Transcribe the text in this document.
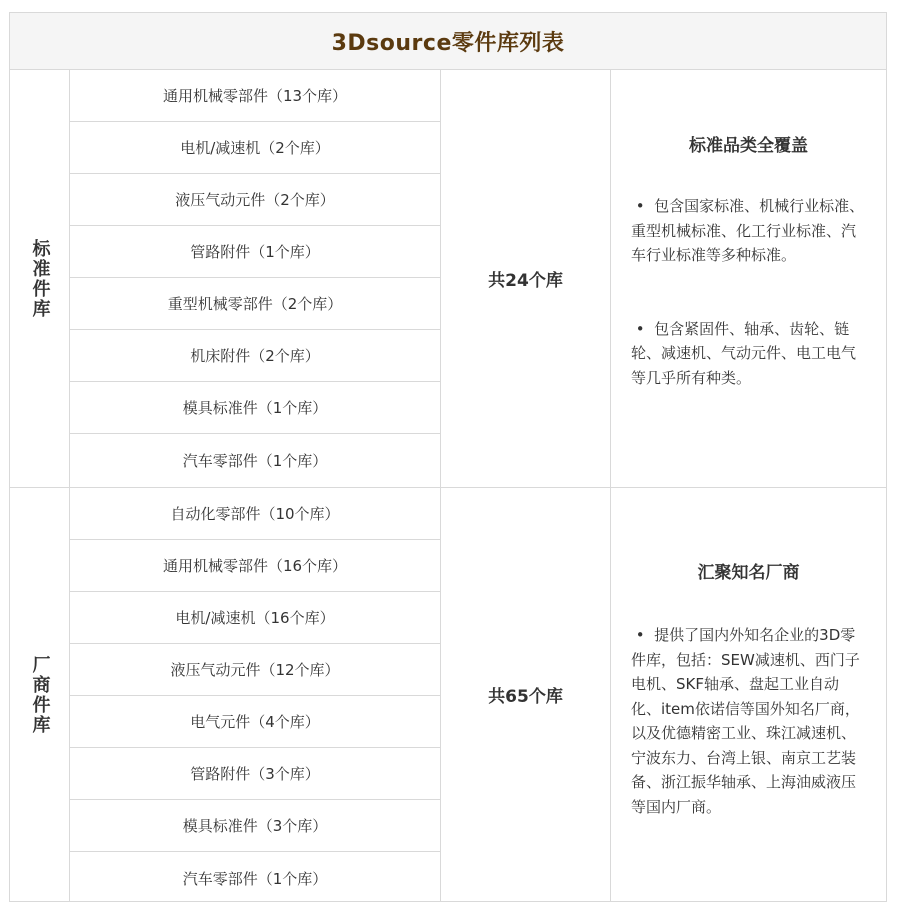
3Dsource零件库列表
标准件库
通用机械零部件（13个库）
电机/减速机（2个库）
液压气动元件（2个库）
管路附件（1个库）
重型机械零部件（2个库）
机床附件（2个库）
模具标准件（1个库）
汽车零部件（1个库）
共24个库
标准品类全覆盖
•  包含国家标准、机械行业标准、重型机械标准、化工行业标准、汽车行业标准等多种标准。
•  包含紧固件、轴承、齿轮、链轮、减速机、气动元件、电工电气等几乎所有种类。
厂商件库
自动化零部件（10个库）
通用机械零部件（16个库）
电机/减速机（16个库）
液压气动元件（12个库）
电气元件（4个库）
管路附件（3个库）
模具标准件（3个库）
汽车零部件（1个库）
共65个库
汇聚知名厂商
•  提供了国内外知名企业的3D零件库，包括：SEW减速机、西门子电机、SKF轴承、盘起工业自动化、item依诺信等国外知名厂商，以及优德精密工业、珠江减速机、宁波东力、台湾上银、南京工艺装备、浙江振华轴承、上海油威液压等国内厂商。
